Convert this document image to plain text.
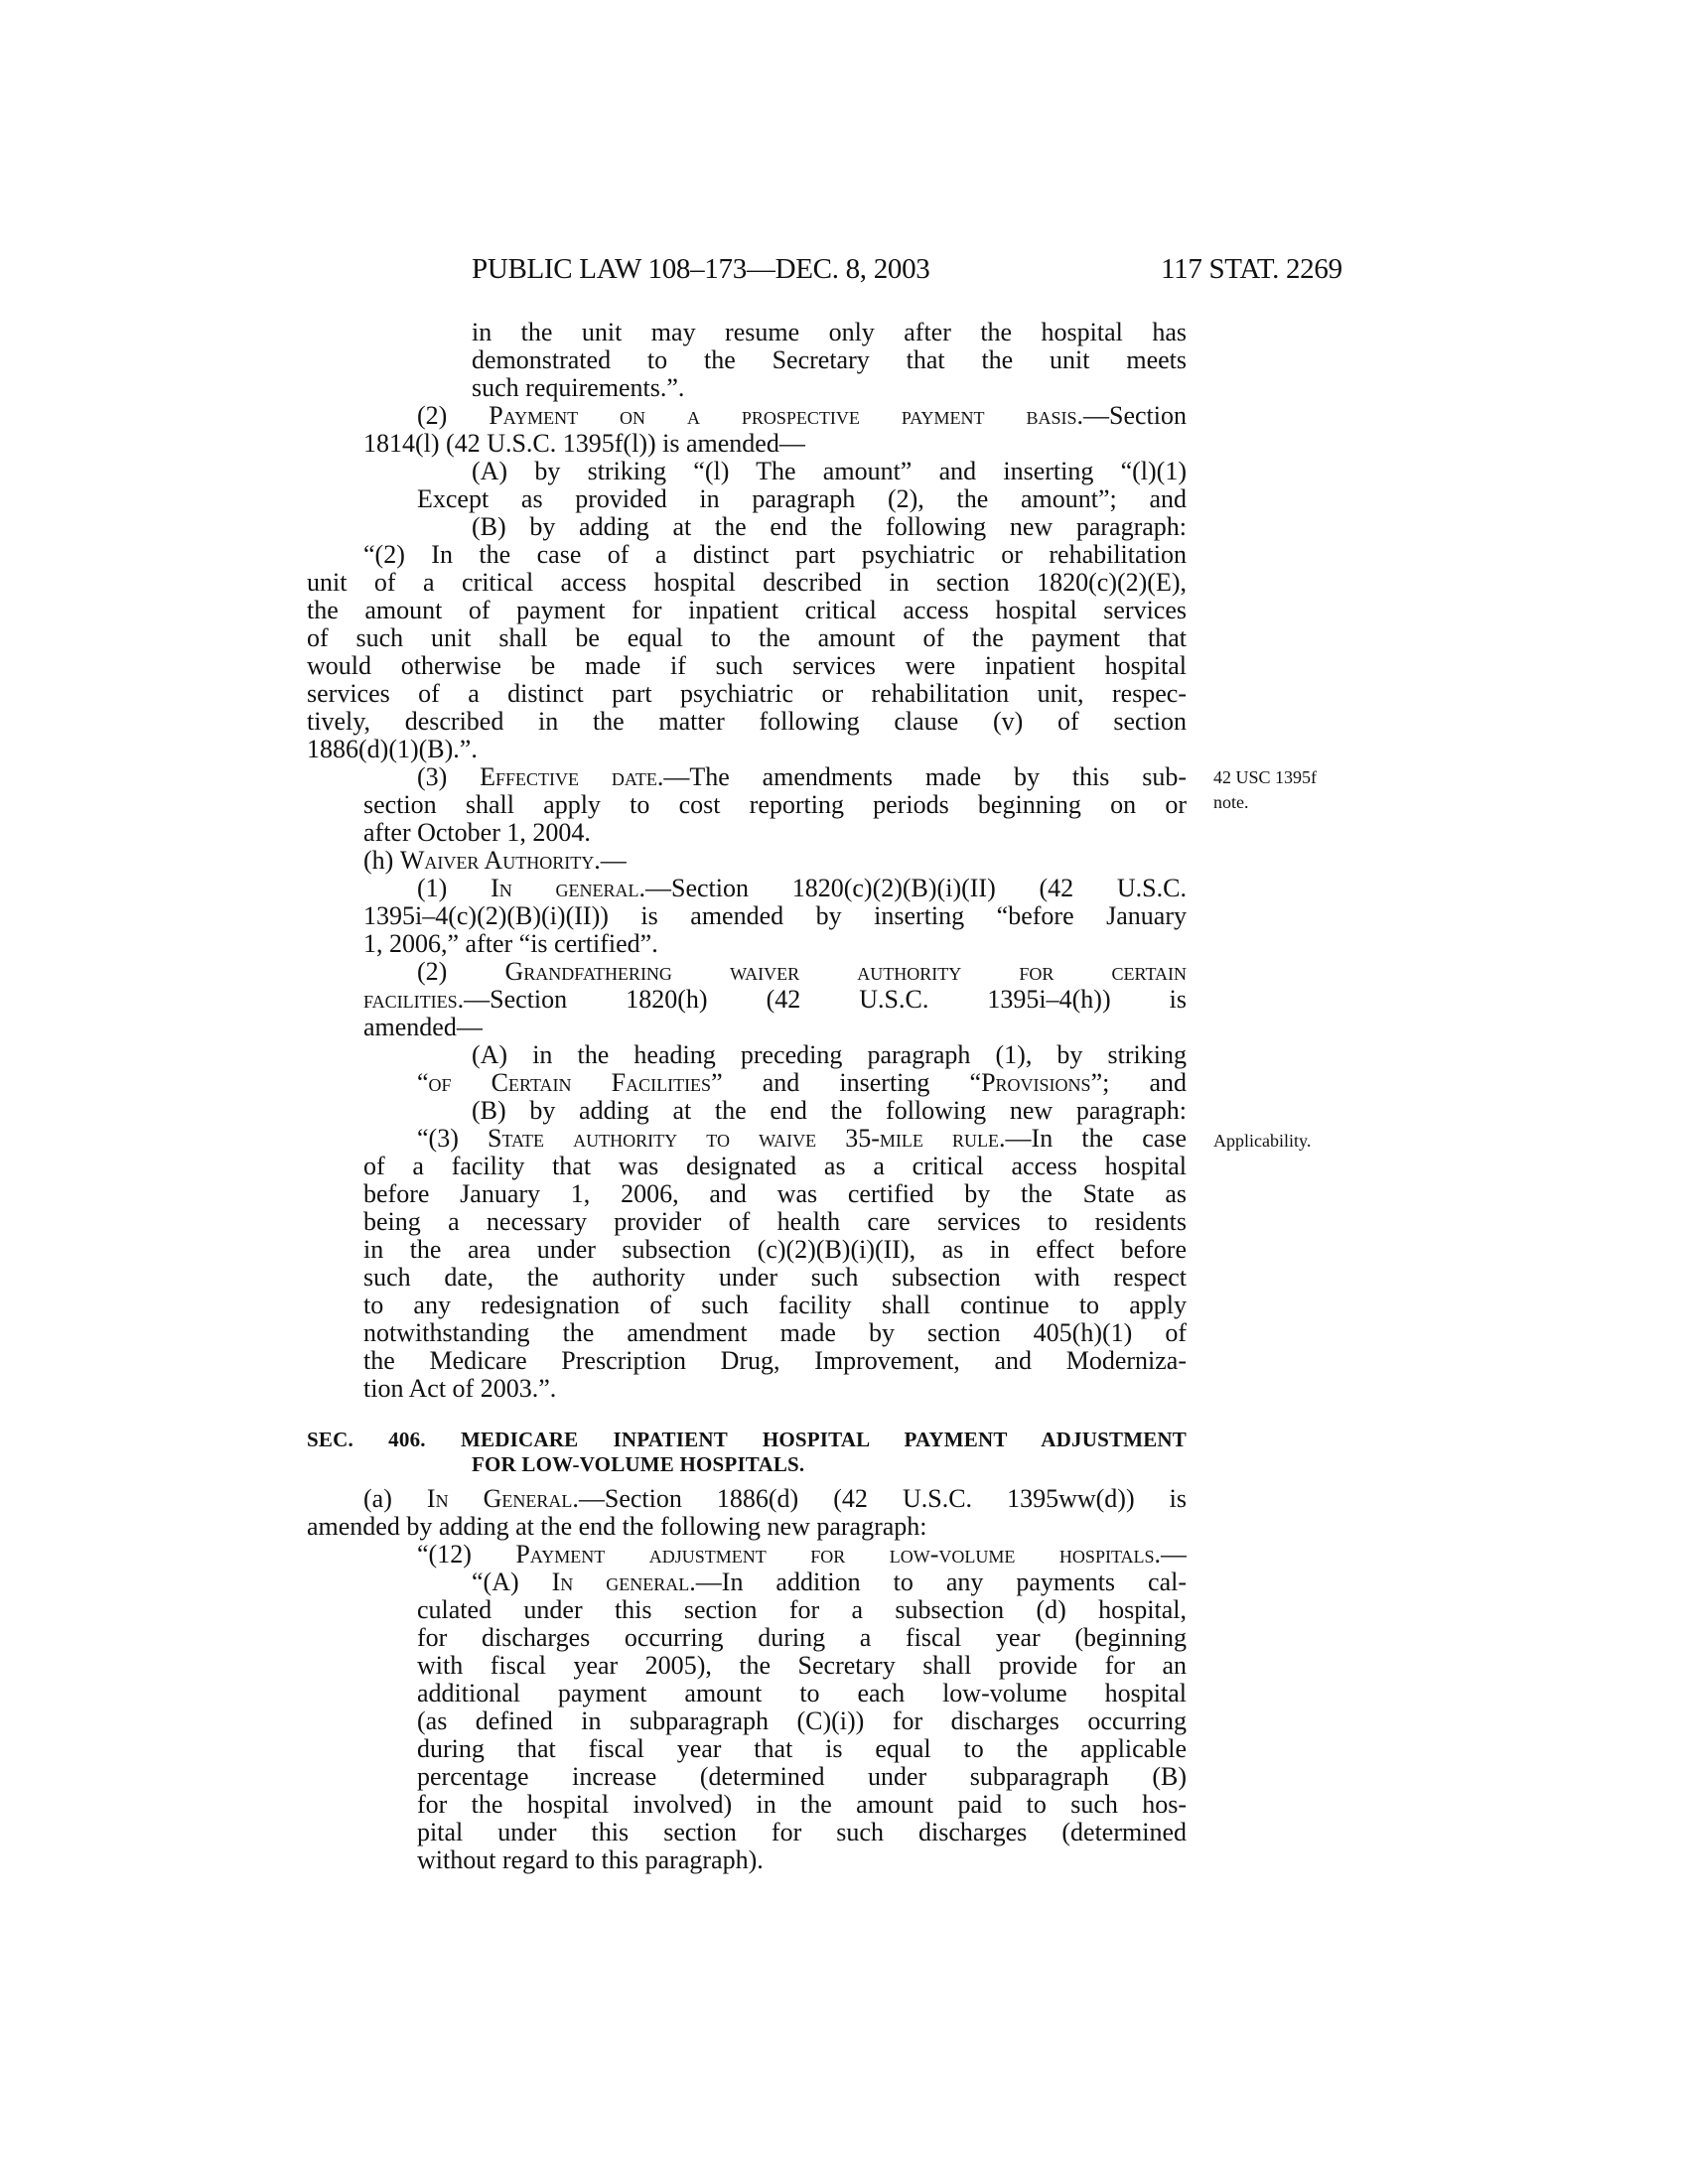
PUBLIC LAW 108–173—DEC. 8, 2003	117 STAT. 2269
42 USC 1395f
note.
Applicability.
in the unit may resume only after the hospital has
demonstrated to the Secretary that the unit meets
such requirements.”.
(2) Payment on a prospective payment basis.—Section
1814(l) (42 U.S.C. 1395f(l)) is amended—
(A) by striking “(l) The amount” and inserting “(l)(1)
Except as provided in paragraph (2), the amount”; and
(B) by adding at the end the following new paragraph:
“(2) In the case of a distinct part psychiatric or rehabilitation
unit of a critical access hospital described in section 1820(c)(2)(E),
the amount of payment for inpatient critical access hospital services
of such unit shall be equal to the amount of the payment that
would otherwise be made if such services were inpatient hospital
services of a distinct part psychiatric or rehabilitation unit, respec-
tively, described in the matter following clause (v) of section
1886(d)(1)(B).”.
(3) Effective date.—The amendments made by this sub-
section shall apply to cost reporting periods beginning on or
after October 1, 2004.
(h) Waiver Authority.—
(1) In general.—Section 1820(c)(2)(B)(i)(II) (42 U.S.C.
1395i–4(c)(2)(B)(i)(II)) is amended by inserting “before January
1, 2006,” after “is certified”.
(2) Grandfathering waiver authority for certain
facilities.—Section 1820(h) (42 U.S.C. 1395i–4(h)) is
amended—
(A) in the heading preceding paragraph (1), by striking
“of Certain Facilities” and inserting “Provisions”; and
(B) by adding at the end the following new paragraph:
“(3) State authority to waive 35-mile rule.—In the case
of a facility that was designated as a critical access hospital
before January 1, 2006, and was certified by the State as
being a necessary provider of health care services to residents
in the area under subsection (c)(2)(B)(i)(II), as in effect before
such date, the authority under such subsection with respect
to any redesignation of such facility shall continue to apply
notwithstanding the amendment made by section 405(h)(1) of
the Medicare Prescription Drug, Improvement, and Moderniza-
tion Act of 2003.”.
SEC. 406. MEDICARE INPATIENT HOSPITAL PAYMENT ADJUSTMENT
FOR LOW-VOLUME HOSPITALS.
(a) In General.—Section 1886(d) (42 U.S.C. 1395ww(d)) is
amended by adding at the end the following new paragraph:
“(12) Payment adjustment for low-volume hospitals.—
“(A) In general.—In addition to any payments cal-
culated under this section for a subsection (d) hospital,
for discharges occurring during a fiscal year (beginning
with fiscal year 2005), the Secretary shall provide for an
additional payment amount to each low-volume hospital
(as defined in subparagraph (C)(i)) for discharges occurring
during that fiscal year that is equal to the applicable
percentage increase (determined under subparagraph (B)
for the hospital involved) in the amount paid to such hos-
pital under this section for such discharges (determined
without regard to this paragraph).
